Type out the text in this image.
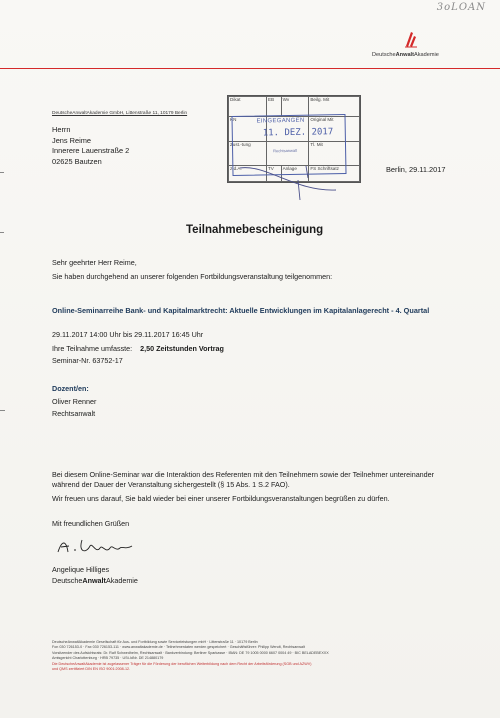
3oLOAN
DeutscheAnwaltAkademie
DeutscheAnwaltAkademie GmbH, Littenstraße 11, 10179 Berlin
Herrn
Jens Reime
Innerere Lauenstraße 2
02625 Bautzen
Berlin, 29.11.2017
Dikat	EB	Wv	Beilg. Mit
KN			Original Mit
Zust.-tung			Tl. Mit
z.d.A.	TV	Anlage	FS Schriftsatz
EINGEGANGEN
11. DEZ. 2017
Rechtsanwalt
Teilnahmebescheinigung
Sehr geehrter Herr Reime,
Sie haben durchgehend an unserer folgenden Fortbildungsveranstaltung teilgenommen:
Online-Seminarreihe Bank- und Kapitalmarktrecht: Aktuelle Entwicklungen im Kapitalanlagerecht - 4. Quartal
29.11.2017 14:00 Uhr bis 29.11.2017 16:45 Uhr
Ihre Teilnahme umfasste: 2,50 Zeitstunden Vortrag
Seminar-Nr. 63752-17
Dozent/en:
Oliver Renner
Rechtsanwalt
Bei diesem Online-Seminar war die Interaktion des Referenten mit den Teilnehmern sowie der Teilnehmer untereinander während der Dauer der Veranstaltung sichergestellt (§ 15 Abs. 1 S.2 FAO).
Wir freuen uns darauf, Sie bald wieder bei einer unserer Fortbildungsveranstaltungen begrüßen zu dürfen.
Mit freundlichen Grüßen
Angelique Hilliges
DeutscheAnwaltAkademie
DeutscheAnwaltAkademie Gesellschaft für Aus- und Fortbildung sowie Serviceleistungen mbH · Littenstraße 11 · 10179 Berlin
Fon 030 726153-0 · Fax 030 726153-111 · www.anwaltakademie.de · Teilnehmerdaten werden gespeichert · Geschäftsführer: Philipp Wendt, Rechtsanwalt
Vorsitzender des Aufsichtsrats: Dr. Ralf Schwedhelm, Rechtsanwalt · Bankverbindung: Berliner Sparkasse · IBAN: DE 79 1005 0000 6607 0004 49 · BIC BELADEBEXXX
Amtsgericht Charlottenburg · HRB 79735 · USt-IdNr. DE 214880179
Die DeutscheAnwaltAkademie ist zugelassener Träger für die Förderung der beruflichen Weiterbildung nach dem Recht der Arbeitsförderung (SGB und AZWV)
und QMS zertifiziert DIN EN ISO 9001:2008-12.
